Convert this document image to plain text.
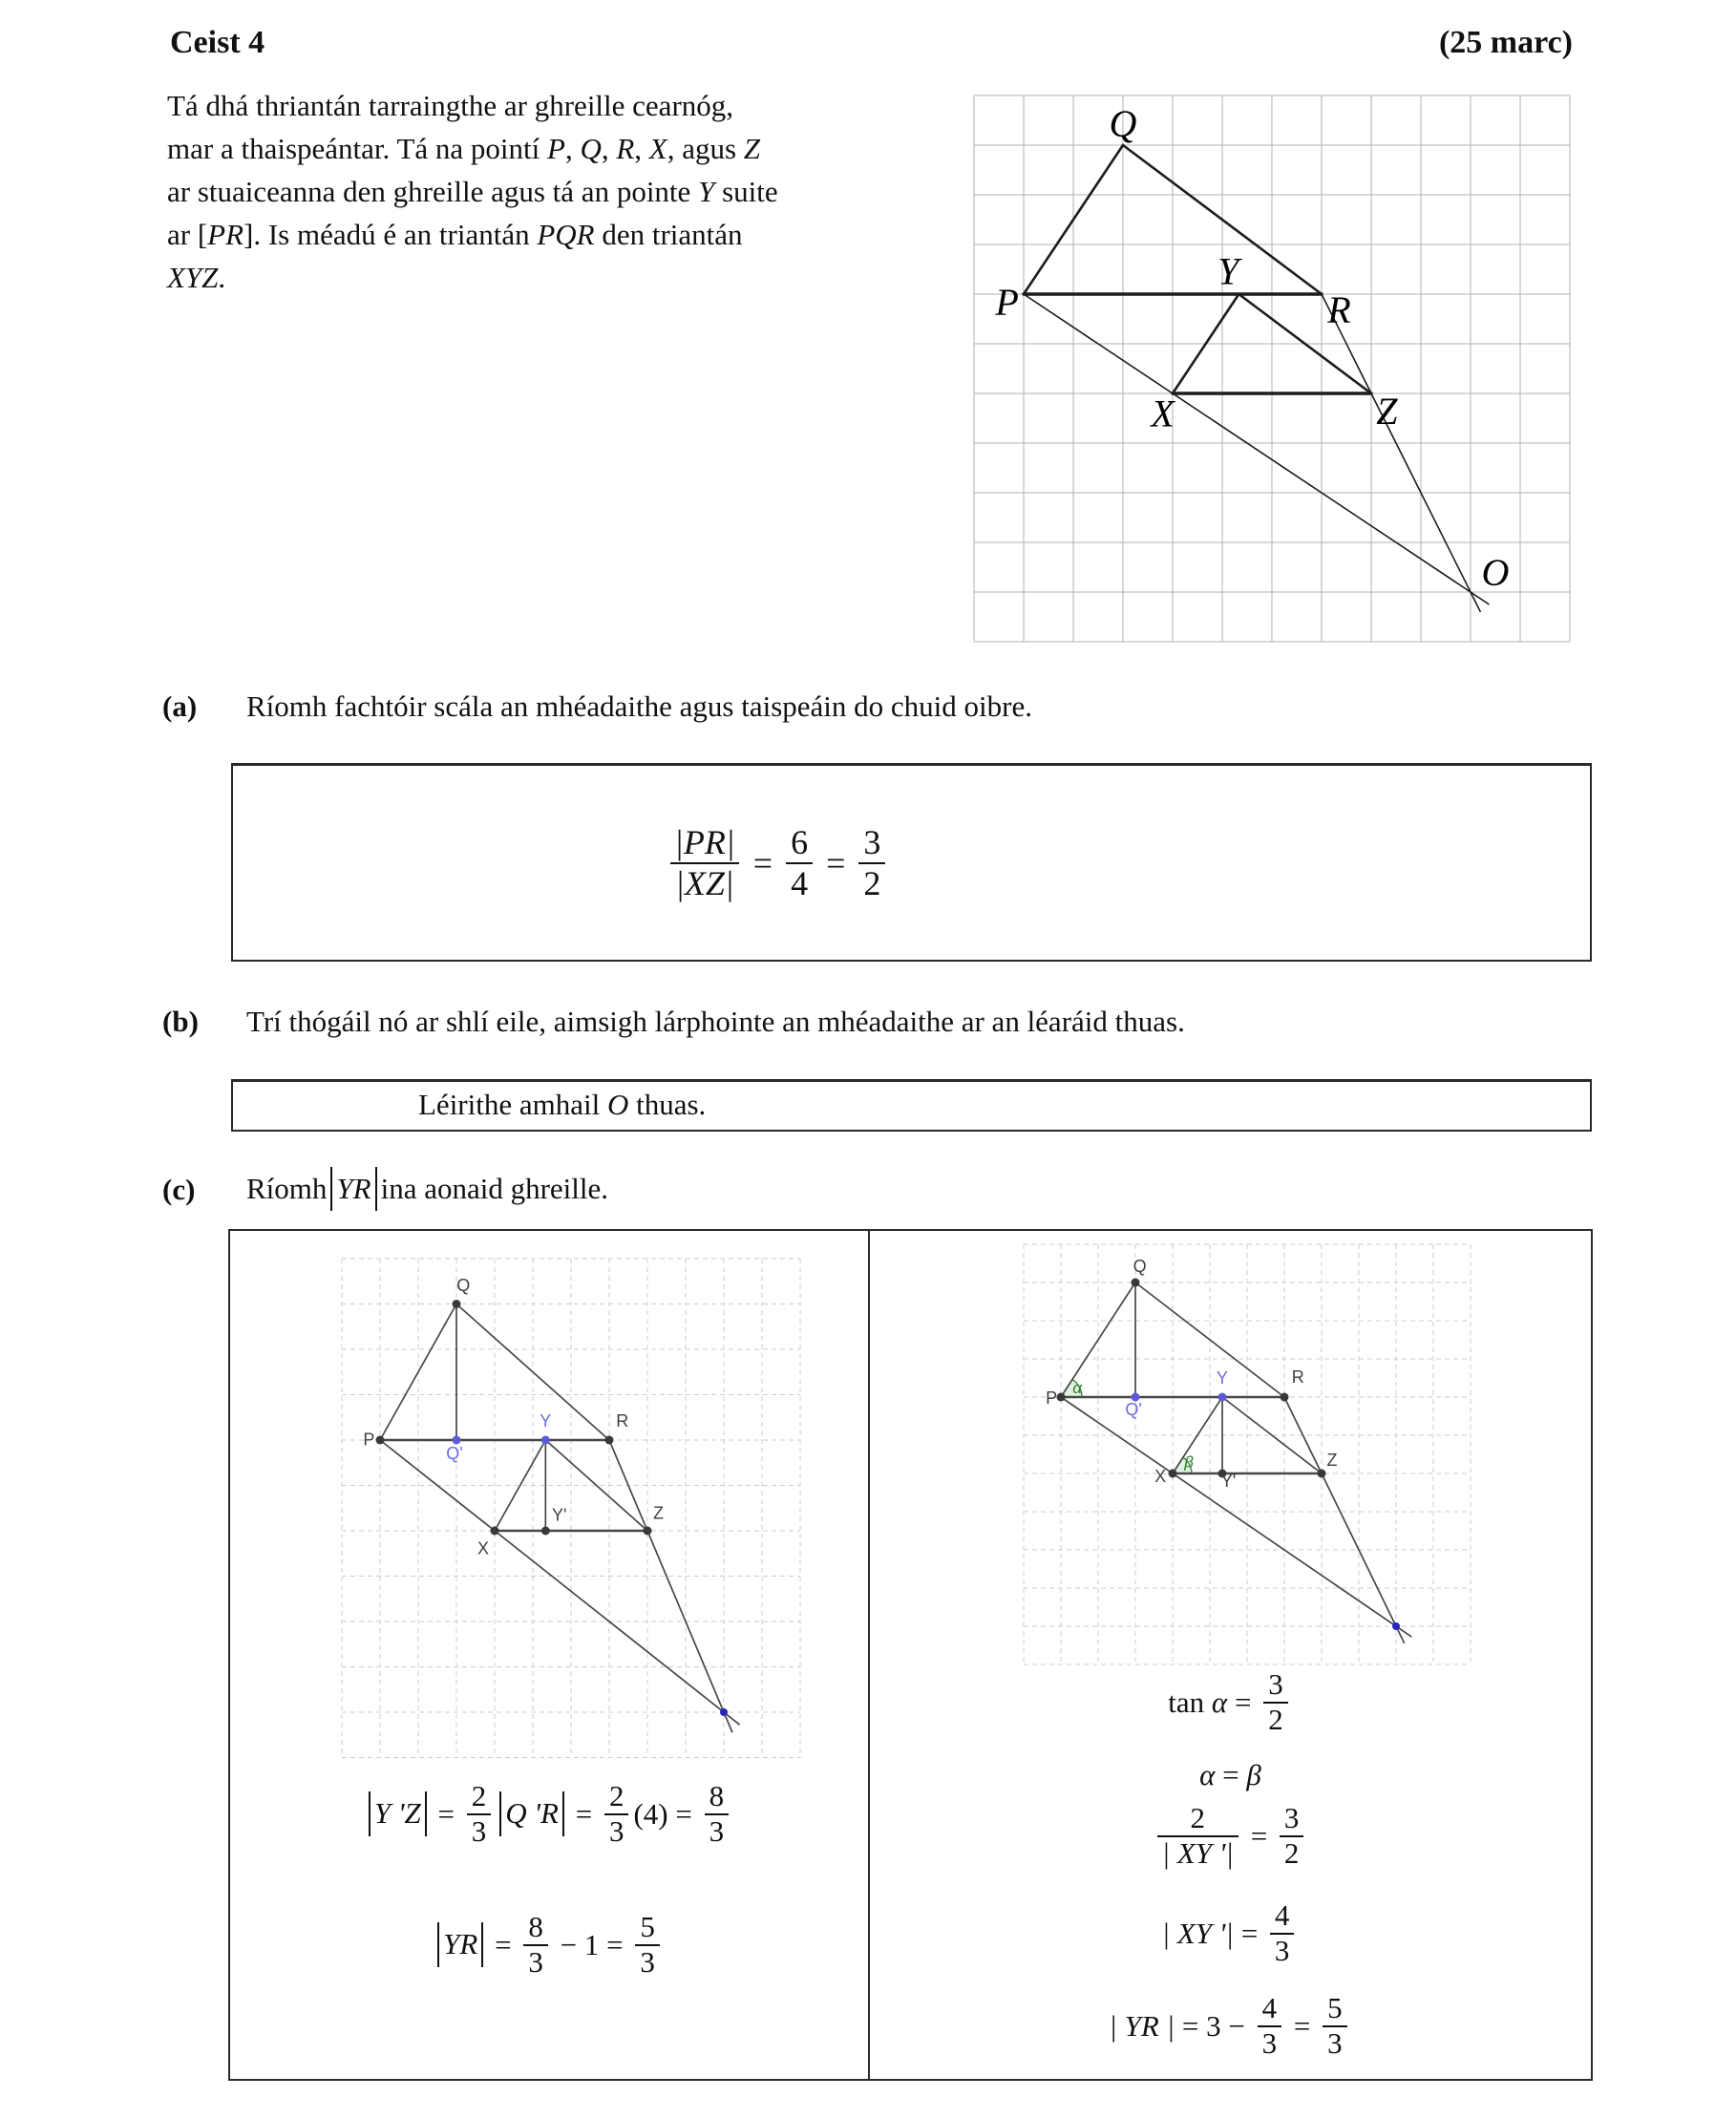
Ceist 4	(25 marc)
Tá dhá thriantán tarraingthe ar ghreille cearnóg,
mar a thaispeántar. Tá na pointí P, Q, R, X, agus Z
ar stuaiceanna den ghreille agus tá an pointe Y suite
ar [PR]. Is méadú é an triantán PQR den triantán
XYZ.
P
Q
Y
R
X	Z
O
(a) Ríomh fachtóir scála an mhéadaithe agus taispeáin do chuid oibre.
$\frac{|PR|}{|XZ|} = \frac{6}{4} = \frac{3}{2}$
(b) Trí thógáil nó ar shlí eile, aimsigh lárphointe an mhéadaithe ar an léaráid thuas.
Léirithe amhail O thuas.
(c) Ríomh YR ina aonaid ghreille.
Q
P
Q'
Y	R
X
Y'	Z
Q
P
Q'
Y	R
X	Y'
Z
α
β
Y '$Z = \frac{2}{3}$ Q '$R = \frac{2}{3} (4) = \frac{8}{3}$
YR = $\frac{8}{3} - 1 = \frac{5}{3}$
$\tan \alpha = \frac{3}{2}$
α = β
$\frac{2}{| XY '|} = \frac{3}{2}$
| XY '| = $\frac{4}{3}$
| YR | = $3 - \frac{4}{3} = \frac{5}{3}$
